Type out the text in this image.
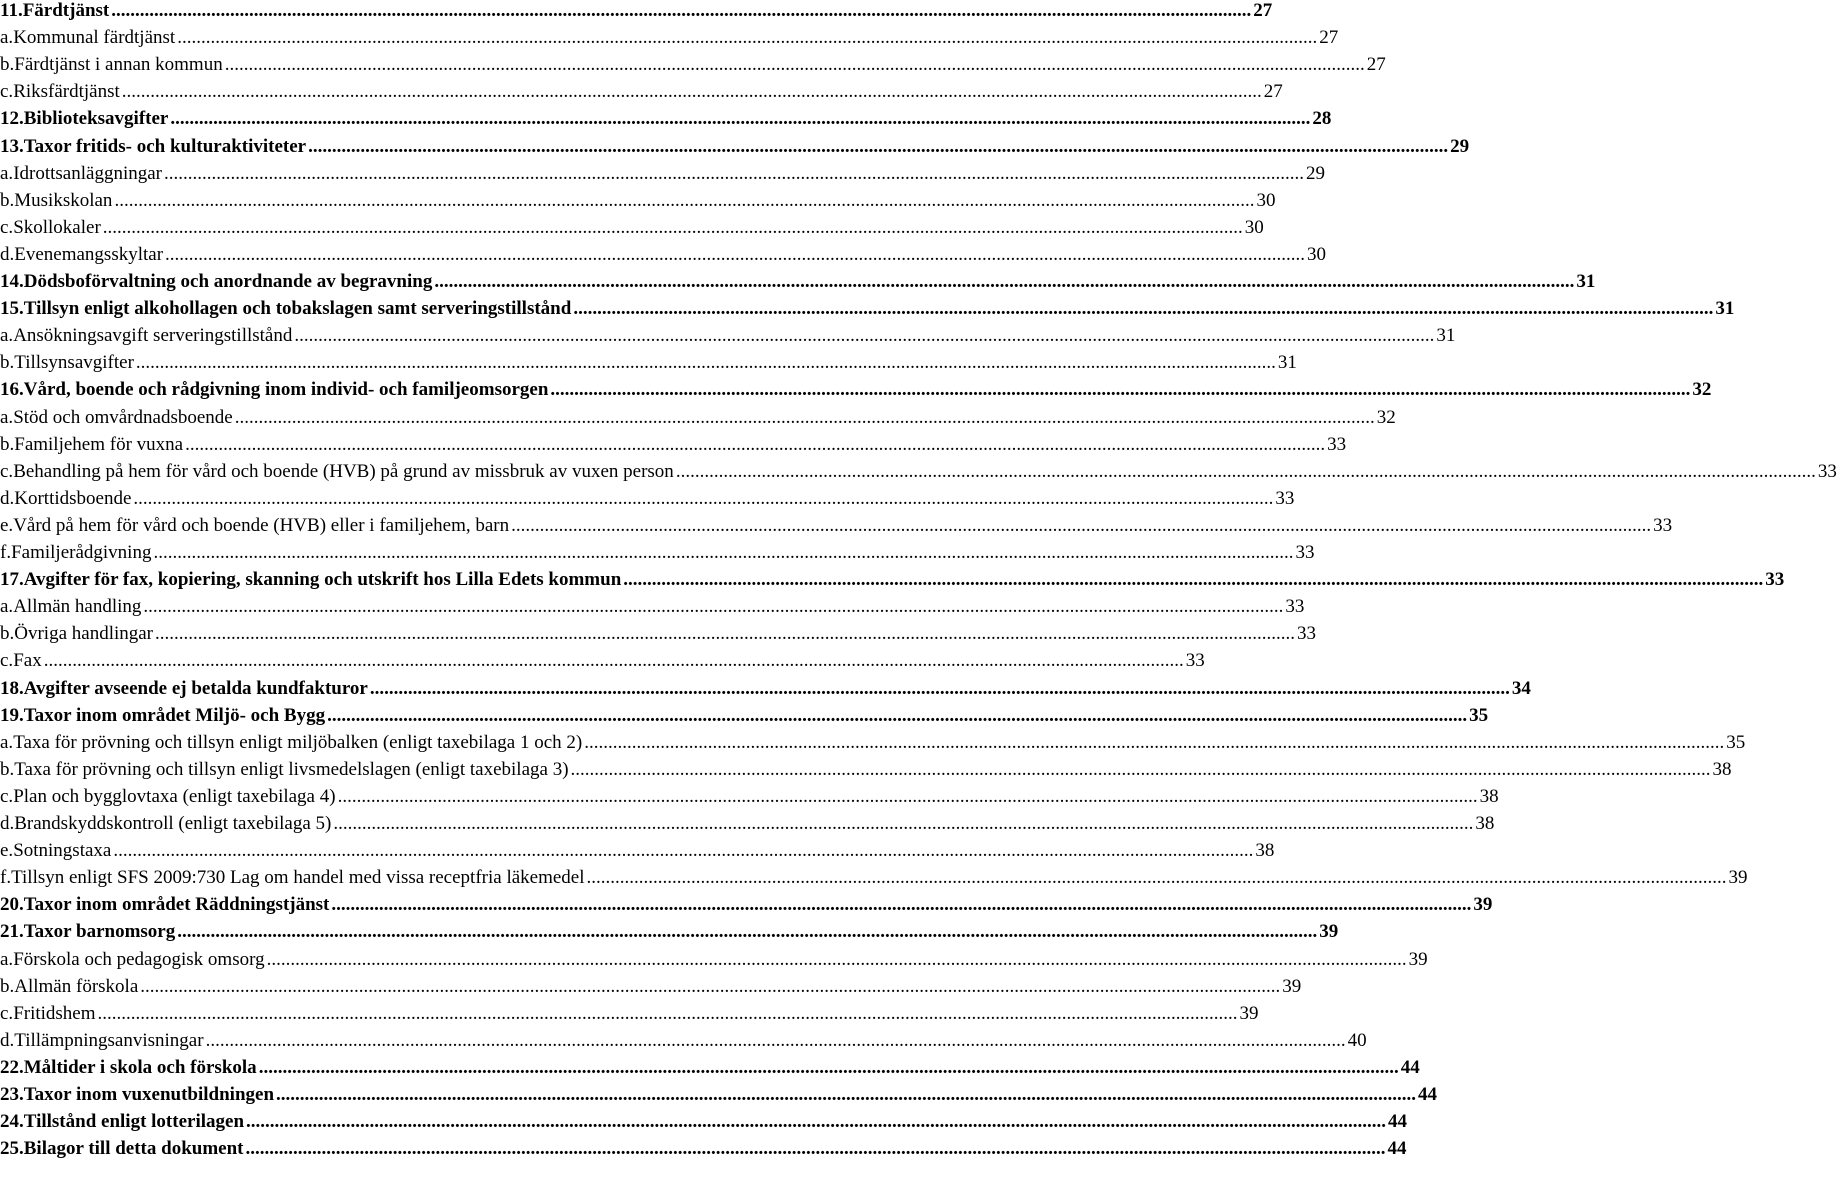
11. Färdtjänst .....	27
a. Kommunal färdtjänst .....	27
b. Färdtjänst i annan kommun .....	27
c. Riksfärdtjänst .....	27
12. Biblioteksavgifter .....	28
13. Taxor fritids- och kulturaktiviteter .....	29
a. Idrottsanläggningar .....	29
b. Musikskolan .....	30
c. Skollokaler .....	30
d. Evenemangsskyltar .....	30
14. Dödsboförvaltning och anordnande av begravning .....	31
15. Tillsyn enligt alkohollagen och tobakslagen samt serveringstillstånd .....	31
a. Ansökningsavgift serveringstillstånd .....	31
b. Tillsynsavgifter .....	31
16. Vård, boende och rådgivning inom individ- och familjeomsorgen .....	32
a. Stöd och omvårdnadsboende .....	32
b. Familjehem för vuxna .....	33
c. Behandling på hem för vård och boende (HVB) på grund av missbruk av vuxen person .....	33
d. Korttidsboende .....	33
e. Vård på hem för vård och boende (HVB) eller i familjehem, barn .....	33
f. Familjerådgivning .....	33
17. Avgifter för fax, kopiering, skanning och utskrift hos Lilla Edets kommun .....	33
a. Allmän handling .....	33
b. Övriga handlingar .....	33
c. Fax .....	33
18. Avgifter avseende ej betalda kundfakturor .....	34
19. Taxor inom området Miljö- och Bygg .....	35
a. Taxa för prövning och tillsyn enligt miljöbalken (enligt taxebilaga 1 och 2) .....	35
b. Taxa för prövning och tillsyn enligt livsmedelslagen (enligt taxebilaga 3) .....	38
c. Plan och bygglovtaxa (enligt taxebilaga 4) .....	38
d. Brandskyddskontroll (enligt taxebilaga 5) .....	38
e. Sotningstaxa .....	38
f. Tillsyn enligt SFS 2009:730 Lag om handel med vissa receptfria läkemedel .....	39
20. Taxor inom området Räddningstjänst .....	39
21. Taxor barnomsorg .....	39
a. Förskola och pedagogisk omsorg .....	39
b. Allmän förskola .....	39
c. Fritidshem .....	39
d. Tillämpningsanvisningar .....	40
22. Måltider i skola och förskola .....	44
23. Taxor inom vuxenutbildningen .....	44
24. Tillstånd enligt lotterilagen .....	44
25. Bilagor till detta dokument .....	44
